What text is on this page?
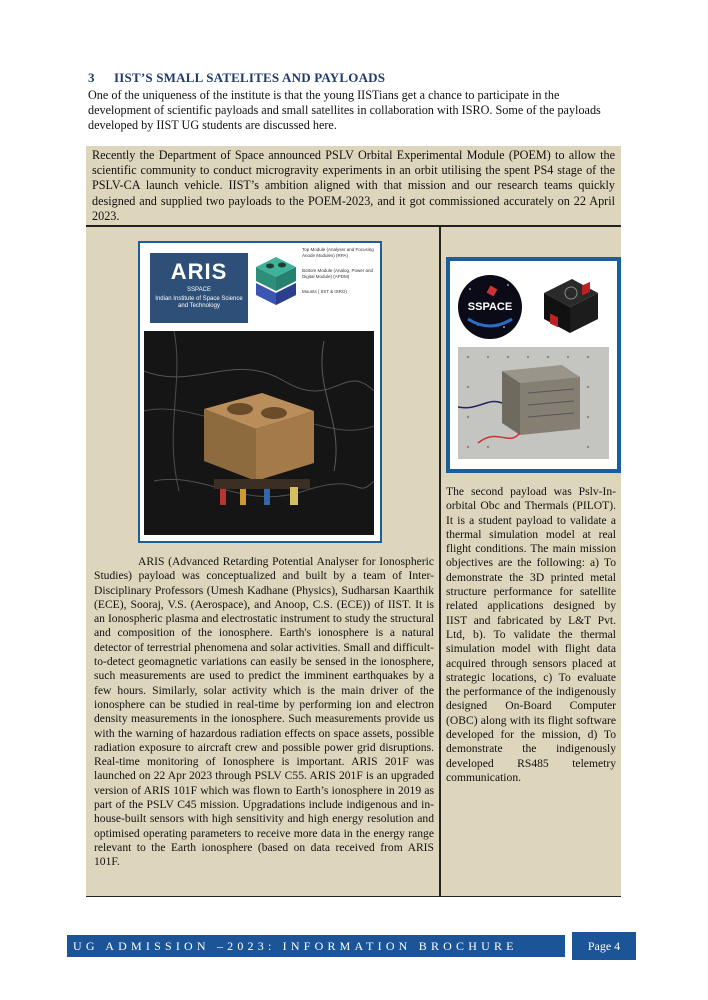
3 IIST’S SMALL SATELITES AND PAYLOADS
One of the uniqueness of the institute is that the young IISTians get a chance to participate in the development of scientific payloads and small satellites in collaboration with ISRO. Some of the payloads developed by IIST UG students are discussed here.
Recently the Department of Space announced PSLV Orbital Experimental Module (POEM) to allow the scientific community to conduct microgravity experiments in an orbit utilising the spent PS4 stage of the PSLV-CA launch vehicle. IIST’s ambition aligned with that mission and our research teams quickly designed and supplied two payloads to the POEM-2023, and it got commissioned accurately on 22 April 2023.
ARIS
SSPACE
Indian Institute of Space Science and Technology
Top Module (Analyser and Focusing Anode Modules) (RPA)
Bottom Module (Analog, Power and Digital Module) (APDM)
Mounts ( IIST & ISRO)
ARIS (Advanced Retarding Potential Analyser for Ionospheric Studies) payload was conceptualized and built by a team of Inter-Disciplinary Professors (Umesh Kadhane (Physics), Sudharsan Kaarthik (ECE), Sooraj, V.S. (Aerospace), and Anoop, C.S. (ECE)) of IIST. It is an Ionospheric plasma and electrostatic instrument to study the structural and composition of the ionosphere. Earth's ionosphere is a natural detector of terrestrial phenomena and solar activities. Small and difficult-to-detect geomagnetic variations can easily be sensed in the ionosphere, such measurements are used to predict the imminent earthquakes by a few hours. Similarly, solar activity which is the main driver of the ionosphere can be studied in real-time by performing ion and electron density measurements in the ionosphere. Such measurements provide us with the warning of hazardous radiation effects on space assets, possible radiation exposure to aircraft crew and possible power grid disruptions. Real-time monitoring of Ionosphere is important. ARIS 201F was launched on 22 Apr 2023 through PSLV C55. ARIS 201F is an upgraded version of ARIS 101F which was flown to Earth’s ionosphere in 2019 as part of the PSLV C45 mission. Upgradations include indigenous and in-house-built sensors with high sensitivity and high energy resolution and optimised operating parameters to receive more data in the energy range relevant to the Earth ionosphere (based on data received from ARIS 101F.
SSPACE
The second payload was Pslv-In-orbital Obc and Thermals (PILOT). It is a student payload to validate a thermal simulation model at real flight conditions. The main mission objectives are the following: a) To demonstrate the 3D printed metal structure performance for satellite related applications designed by IIST and fabricated by L&T Pvt. Ltd, b). To validate the thermal simulation model with flight data acquired through sensors placed at strategic locations, c) To evaluate the performance of the indigenously designed On-Board Computer (OBC) along with its flight software developed for the mission, d) To demonstrate the indigenously developed RS485 telemetry communication.
UG ADMISSION –2023: INFORMATION BROCHURE	Page 4
